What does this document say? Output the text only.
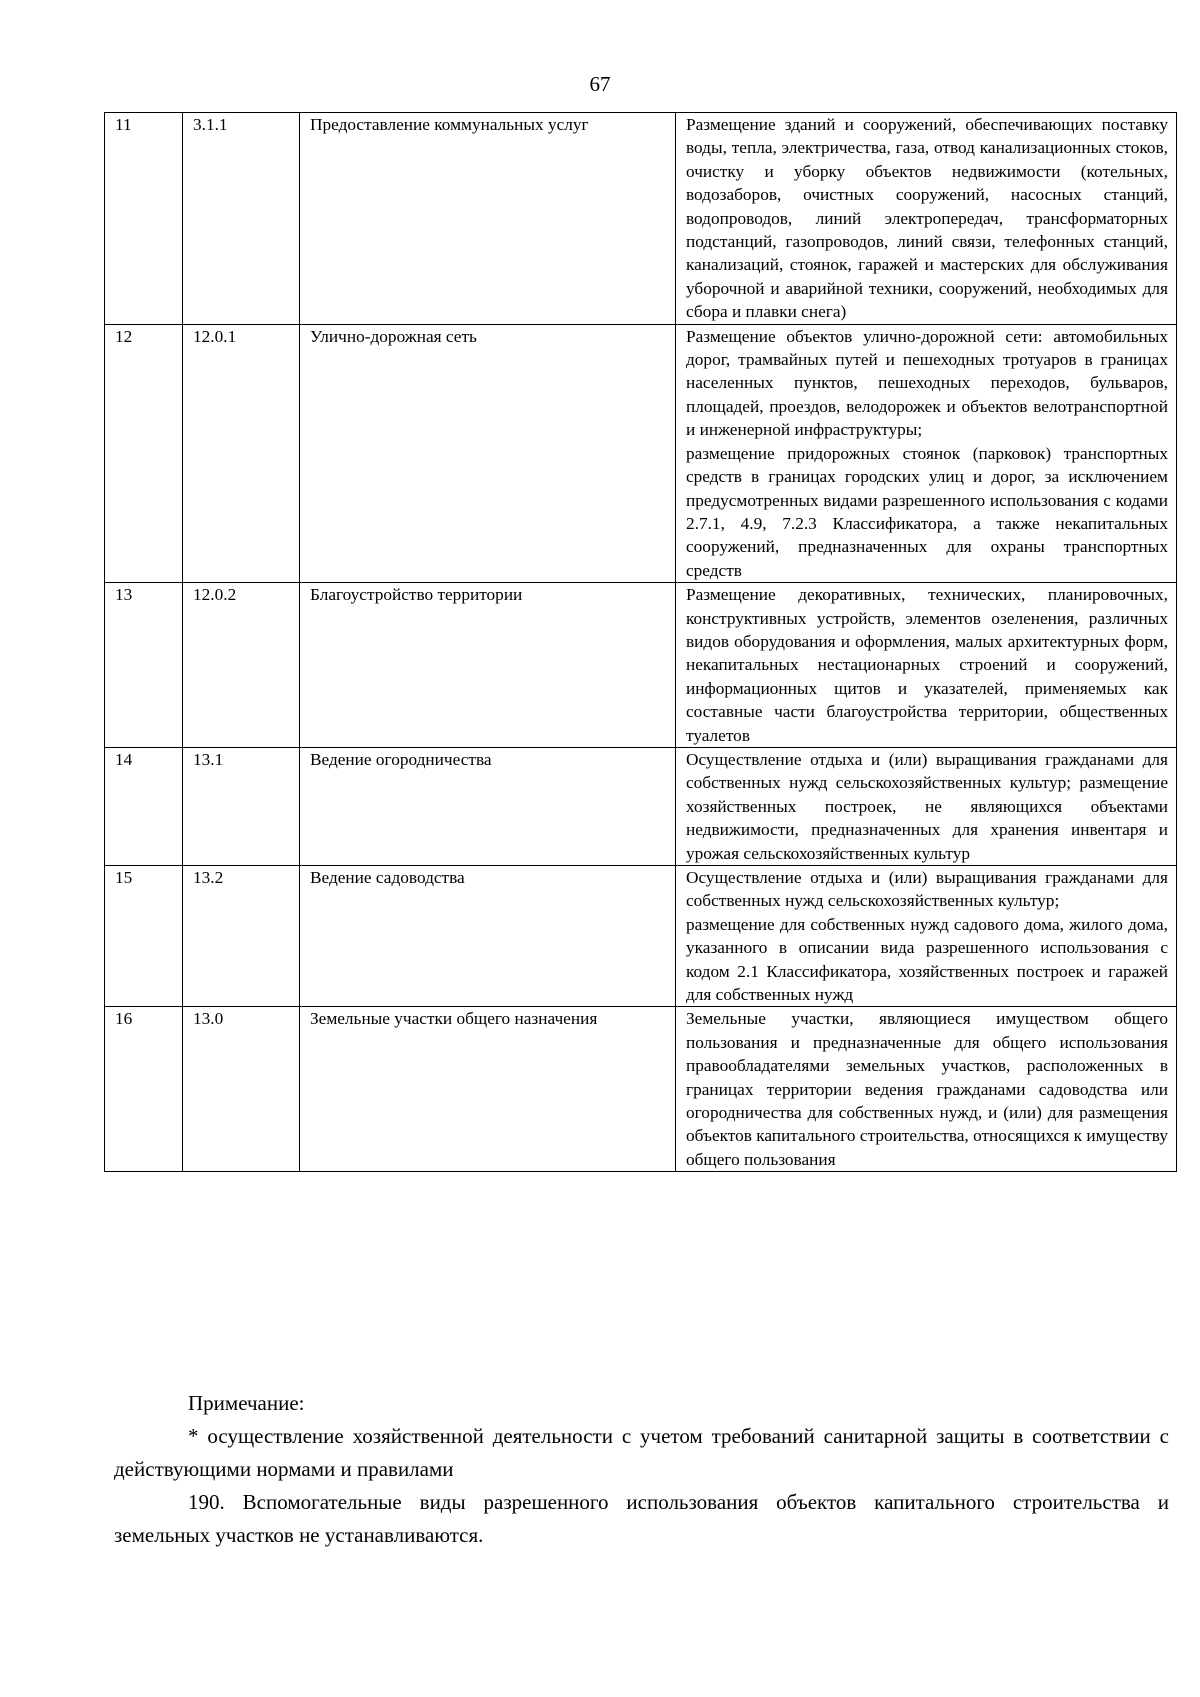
67
11	3.1.1	Предоставление коммунальных услуг	Размещение зданий и сооружений, обеспечивающих поставку воды, тепла, электричества, газа, отвод канализационных стоков, очистку и уборку объектов недвижимости (котельных, водозаборов, очистных сооружений, насосных станций, водопроводов, линий электропередач, трансформаторных подстанций, газопроводов, линий связи, телефонных станций, канализаций, стоянок, гаражей и мастерских для обслуживания уборочной и аварийной техники, сооружений, необходимых для сбора и плавки снега)

12	12.0.1	Улично-дорожная сеть	Размещение объектов улично-дорожной сети: автомобильных дорог, трамвайных путей и пешеходных тротуаров в границах населенных пунктов, пешеходных переходов, бульваров, площадей, проездов, велодорожек и объектов велотранспортной и инженерной инфраструктуры;
размещение придорожных стоянок (парковок) транспортных средств в границах городских улиц и дорог, за исключением предусмотренных видами разрешенного использования с кодами 2.7.1, 4.9, 7.2.3 Классификатора, а также некапитальных сооружений, предназначенных для охраны транспортных средств

13	12.0.2	Благоустройство территории	Размещение декоративных, технических, планировочных, конструктивных устройств, элементов озеленения, различных видов оборудования и оформления, малых архитектурных форм, некапитальных нестационарных строений и сооружений, информационных щитов и указателей, применяемых как составные части благоустройства территории, общественных туалетов

14	13.1	Ведение огородничества	Осуществление отдыха и (или) выращивания гражданами для собственных нужд сельскохозяйственных культур; размещение хозяйственных построек, не являющихся объектами недвижимости, предназначенных для хранения инвентаря и урожая сельскохозяйственных культур

15	13.2	Ведение садоводства	Осуществление отдыха и (или) выращивания гражданами для собственных нужд сельскохозяйственных культур;
размещение для собственных нужд садового дома, жилого дома, указанного в описании вида разрешенного использования с кодом 2.1 Классификатора, хозяйственных построек и гаражей для собственных нужд

16	13.0	Земельные участки общего назначения	Земельные участки, являющиеся имуществом общего пользования и предназначенные для общего использования правообладателями земельных участков, расположенных в границах территории ведения гражданами садоводства или огородничества для собственных нужд, и (или) для размещения объектов капитального строительства, относящихся к имуществу общего пользования
Примечание:
* осуществление хозяйственной деятельности с учетом требований санитарной защиты в соответствии с действующими нормами и правилами
190. Вспомогательные виды разрешенного использования объектов капитального строительства и земельных участков не устанавливаются.
